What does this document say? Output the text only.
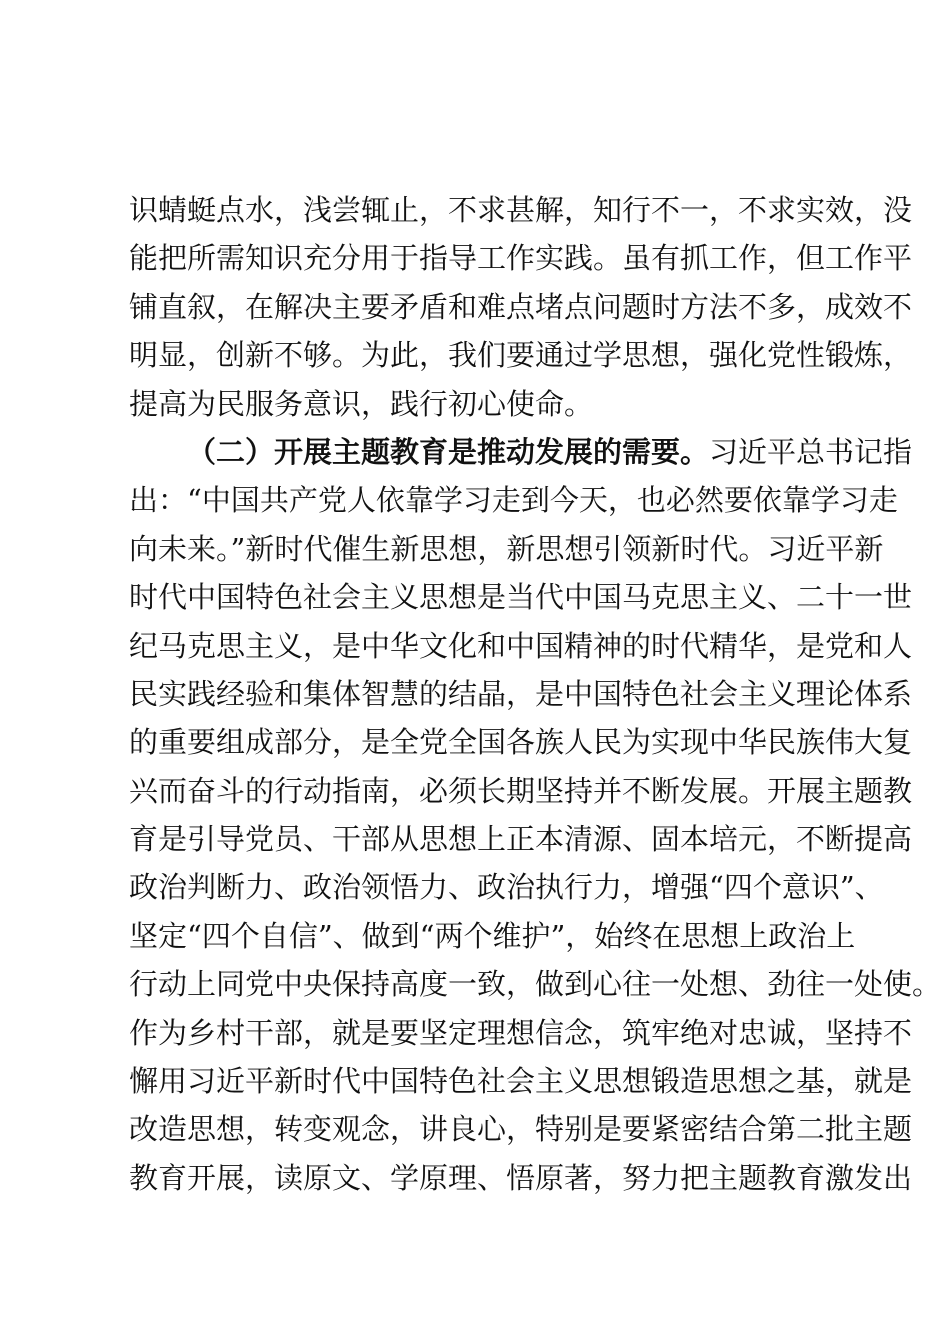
识蜻蜓点水，浅尝辄止，不求甚解，知行不一，不求实效，没
能把所需知识充分用于指导工作实践。虽有抓工作，但工作平
铺直叙，在解决主要矛盾和难点堵点问题时方法不多，成效不
明显，创新不够。为此，我们要通过学思想，强化党性锻炼，
提高为民服务意识，践行初心使命。
（二）开展主题教育是推动发展的需要。习近平总书记指
出：“中国共产党人依靠学习走到今天，也必然要依靠学习走
向未来。”新时代催生新思想，新思想引领新时代。习近平新
时代中国特色社会主义思想是当代中国马克思主义、二十一世
纪马克思主义，是中华文化和中国精神的时代精华，是党和人
民实践经验和集体智慧的结晶，是中国特色社会主义理论体系
的重要组成部分，是全党全国各族人民为实现中华民族伟大复
兴而奋斗的行动指南，必须长期坚持并不断发展。开展主题教
育是引导党员、干部从思想上正本清源、固本培元，不断提高
政治判断力、政治领悟力、政治执行力，增强“四个意识”、
坚定“四个自信”、做到“两个维护”，始终在思想上政治上
行动上同党中央保持高度一致，做到心往一处想、劲往一处使。
作为乡村干部，就是要坚定理想信念，筑牢绝对忠诚，坚持不
懈用习近平新时代中国特色社会主义思想锻造思想之基，就是
改造思想，转变观念，讲良心，特别是要紧密结合第二批主题
教育开展，读原文、学原理、悟原著，努力把主题教育激发出
